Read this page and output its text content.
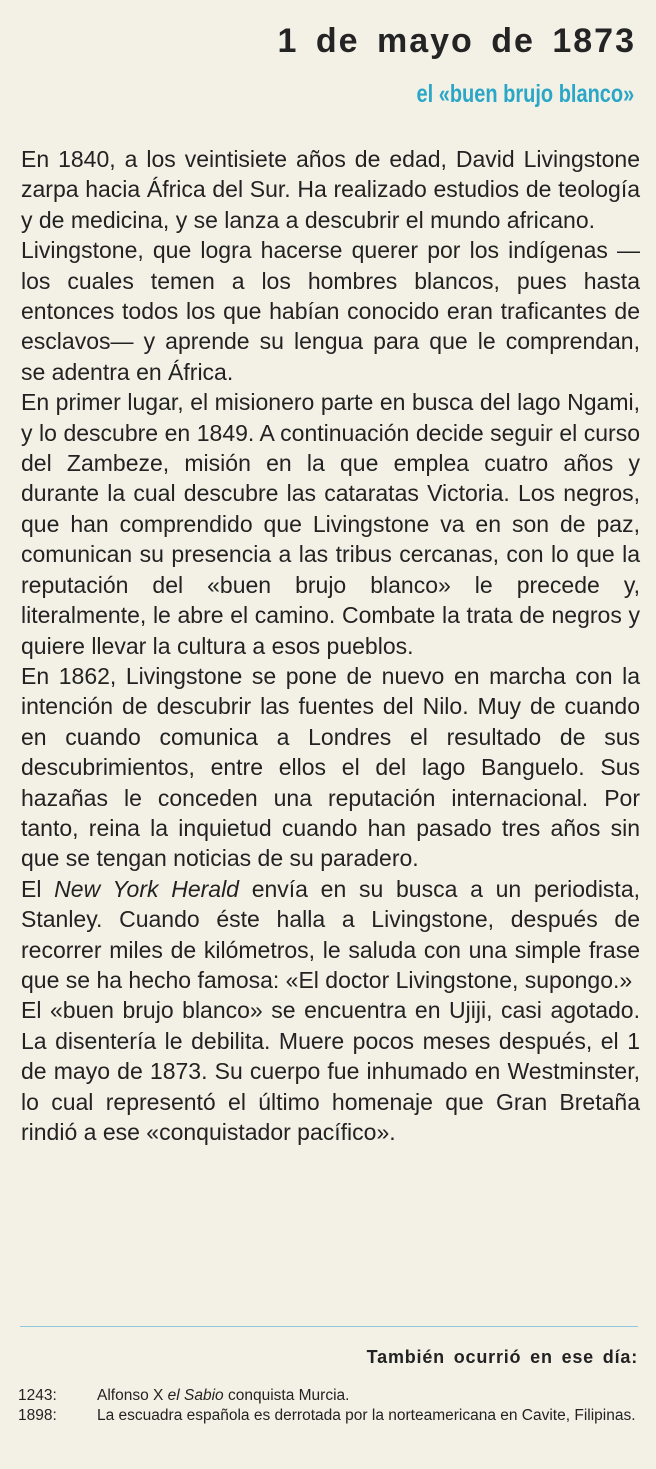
1 de mayo de 1873
el «buen brujo blanco»

En 1840, a los veintisiete años de edad, David Livingstone zarpa hacia África del Sur. Ha realizado estudios de teología y de medicina, y se lanza a descubrir el mundo africano.

Livingstone, que logra hacerse querer por los indígenas —los cuales temen a los hombres blancos, pues hasta entonces todos los que habían conocido eran traficantes de esclavos— y aprende su lengua para que le comprendan, se adentra en África.

En primer lugar, el misionero parte en busca del lago Ngami, y lo descubre en 1849. A continuación decide seguir el curso del Zambeze, misión en la que emplea cuatro años y durante la cual descubre las cataratas Victoria. Los negros, que han comprendido que Livingstone va en son de paz, comunican su presencia a las tribus cercanas, con lo que la reputación del «buen brujo blanco» le precede y, literalmente, le abre el camino. Combate la trata de negros y quiere llevar la cultura a esos pueblos.

En 1862, Livingstone se pone de nuevo en marcha con la intención de descubrir las fuentes del Nilo. Muy de cuando en cuando comunica a Londres el resultado de sus descubrimientos, entre ellos el del lago Banguelo. Sus hazañas le conceden una reputación internacional. Por tanto, reina la inquietud cuando han pasado tres años sin que se tengan noticias de su paradero.

El New York Herald envía en su busca a un periodista, Stanley. Cuando éste halla a Livingstone, después de recorrer miles de kilómetros, le saluda con una simple frase que se ha hecho famosa: «El doctor Livingstone, supongo.»

El «buen brujo blanco» se encuentra en Ujiji, casi agotado. La disentería le debilita. Muere pocos meses después, el 1 de mayo de 1873. Su cuerpo fue inhumado en Westminster, lo cual representó el último homenaje que Gran Bretaña rindió a ese «conquistador pacífico».

También ocurrió en ese día:
1243:	Alfonso X el Sabio conquista Murcia.
1898:	La escuadra española es derrotada por la norteamericana en Cavite, Filipinas.
